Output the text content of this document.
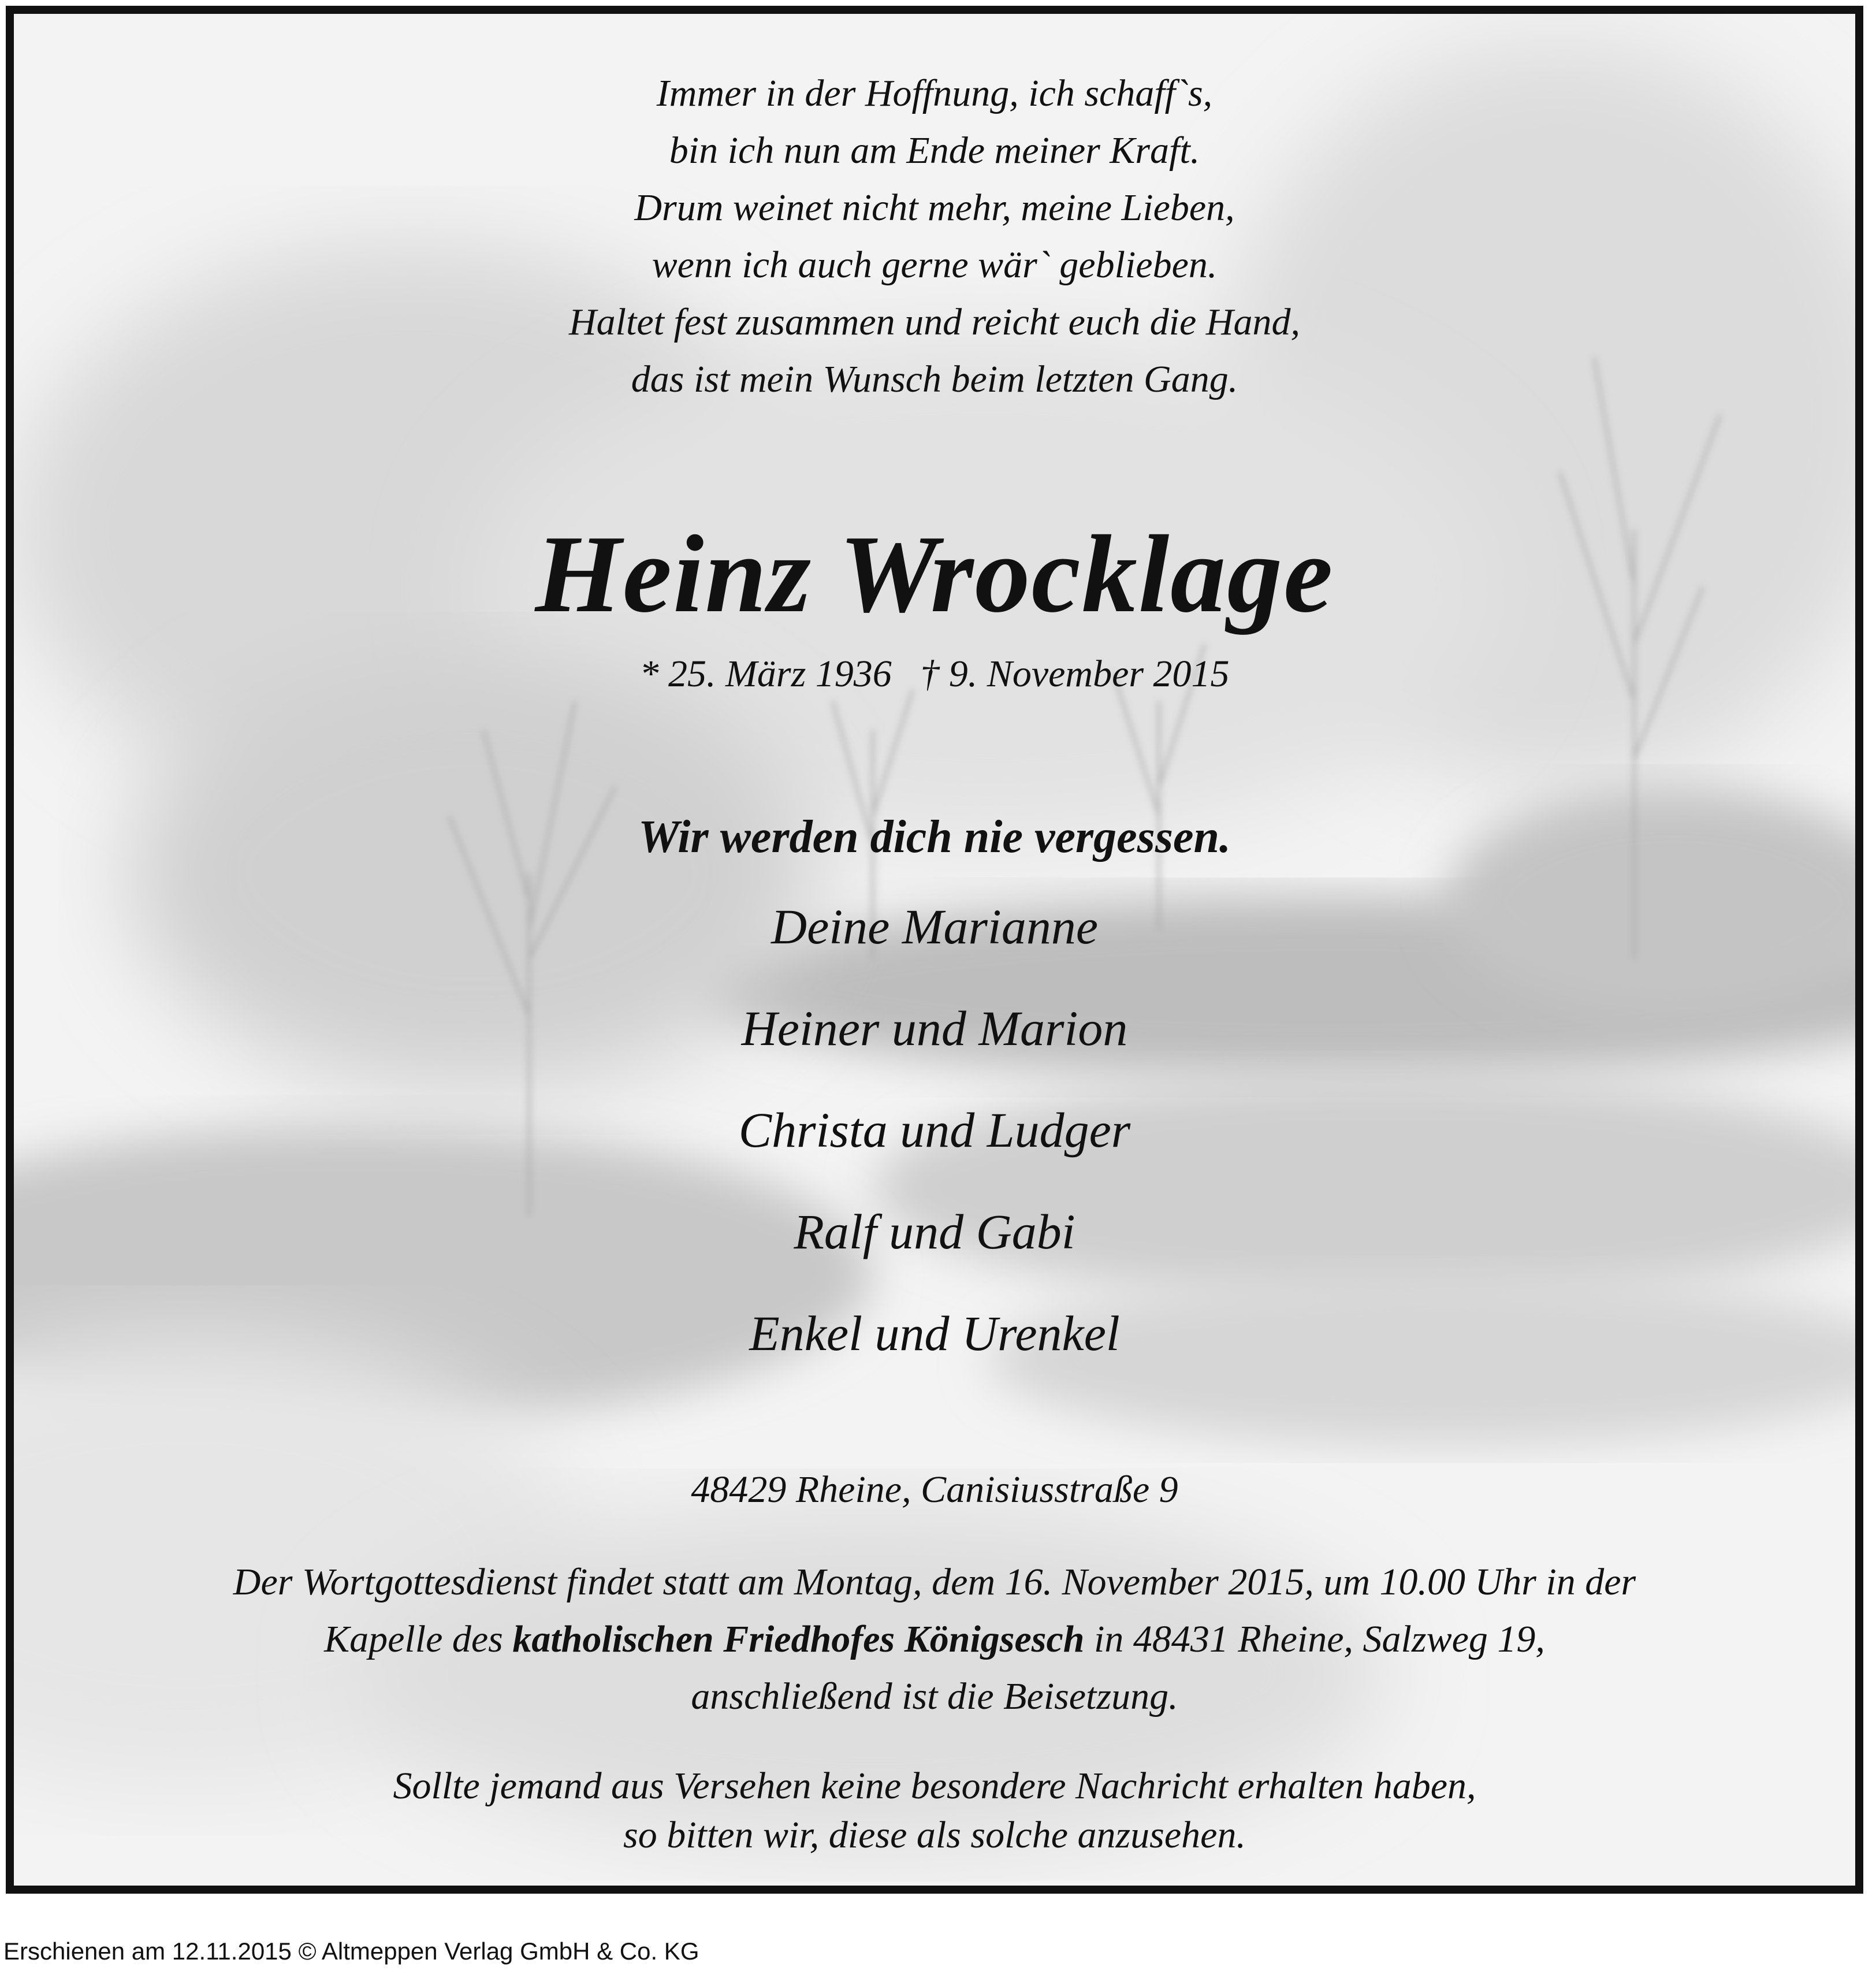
Immer in der Hoffnung, ich schaff`s,
bin ich nun am Ende meiner Kraft.
Drum weinet nicht mehr, meine Lieben,
wenn ich auch gerne wär` geblieben.
Haltet fest zusammen und reicht euch die Hand,
das ist mein Wunsch beim letzten Gang.
Heinz Wrocklage
* 25. März 1936 † 9. November 2015
Wir werden dich nie vergessen.
Deine Marianne
Heiner und Marion
Christa und Ludger
Ralf und Gabi
Enkel und Urenkel
48429 Rheine, Canisiusstraße 9
Der Wortgottesdienst findet statt am Montag, dem 16. November 2015, um 10.00 Uhr in der
Kapelle des katholischen Friedhofes Königsesch in 48431 Rheine, Salzweg 19,
anschließend ist die Beisetzung.
Sollte jemand aus Versehen keine besondere Nachricht erhalten haben,
so bitten wir, diese als solche anzusehen.
Erschienen am 12.11.2015 © Altmeppen Verlag GmbH & Co. KG
